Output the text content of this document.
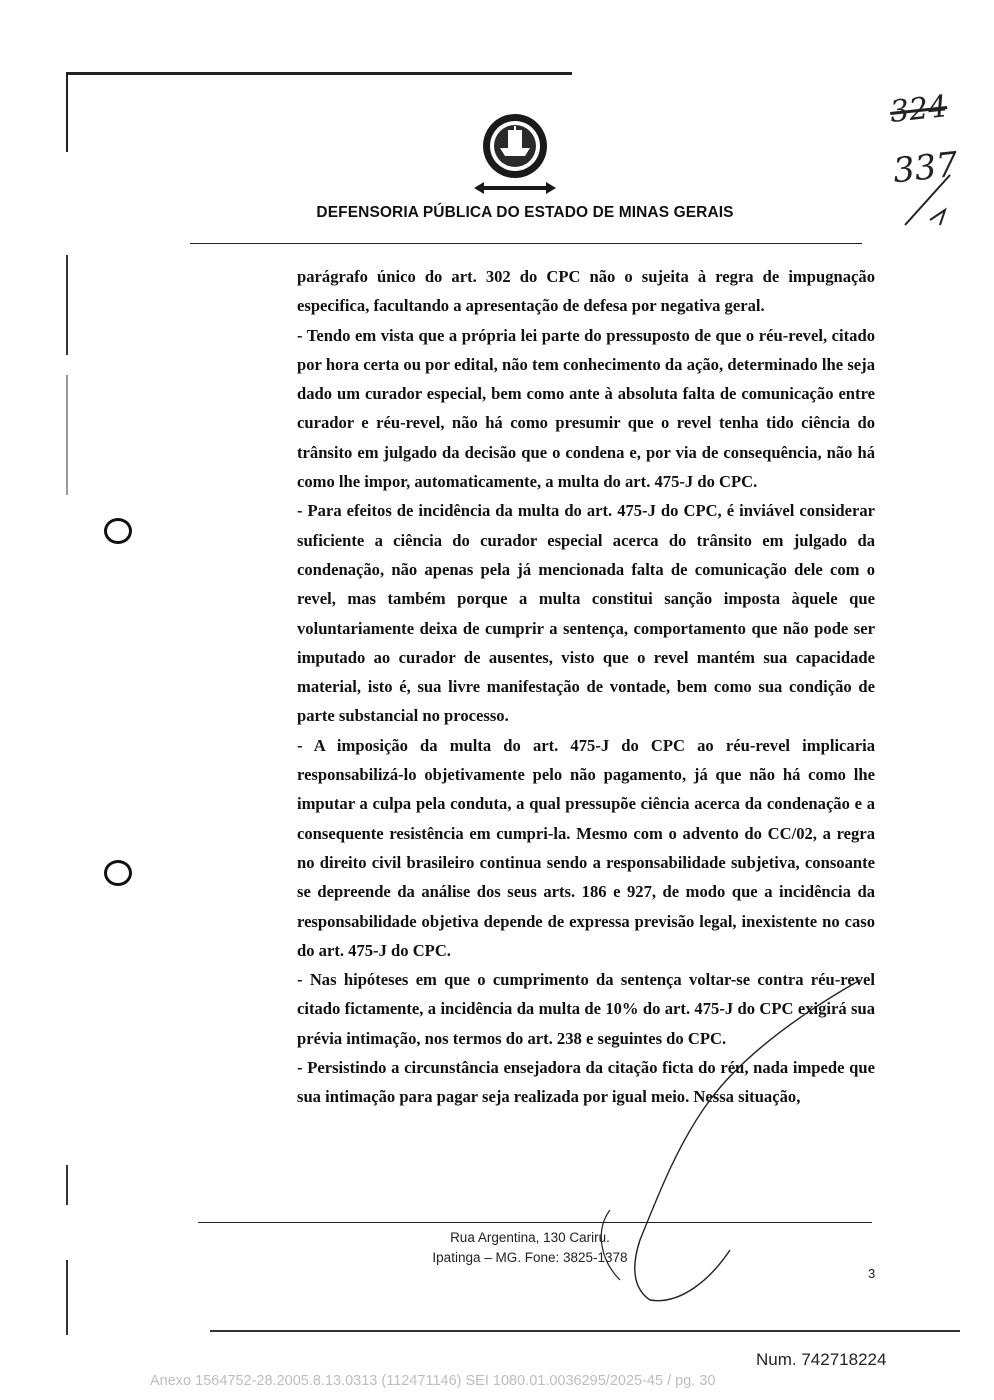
DEFENSORIA PÚBLICA DO ESTADO DE MINAS GERAIS
324
337

parágrafo único do art. 302 do CPC não o sujeita à regra de impugnação especifica, facultando a apresentação de defesa por negativa geral.

- Tendo em vista que a própria lei parte do pressuposto de que o réu-revel, citado por hora certa ou por edital, não tem conhecimento da ação, determinado lhe seja dado um curador especial, bem como ante à absoluta falta de comunicação entre curador e réu-revel, não há como presumir que o revel tenha tido ciência do trânsito em julgado da decisão que o condena e, por via de consequência, não há como lhe impor, automaticamente, a multa do art. 475-J do CPC.

- Para efeitos de incidência da multa do art. 475-J do CPC, é inviável considerar suficiente a ciência do curador especial acerca do trânsito em julgado da condenação, não apenas pela já mencionada falta de comunicação dele com o revel, mas também porque a multa constitui sanção imposta àquele que voluntariamente deixa de cumprir a sentença, comportamento que não pode ser imputado ao curador de ausentes, visto que o revel mantém sua capacidade material, isto é, sua livre manifestação de vontade, bem como sua condição de parte substancial no processo.

- A imposição da multa do art. 475-J do CPC ao réu-revel implicaria responsabilizá-lo objetivamente pelo não pagamento, já que não há como lhe imputar a culpa pela conduta, a qual pressupõe ciência acerca da condenação e a consequente resistência em cumpri-la. Mesmo com o advento do CC/02, a regra no direito civil brasileiro continua sendo a responsabilidade subjetiva, consoante se depreende da análise dos seus arts. 186 e 927, de modo que a incidência da responsabilidade objetiva depende de expressa previsão legal, inexistente no caso do art. 475-J do CPC.

- Nas hipóteses em que o cumprimento da sentença voltar-se contra réu-revel citado fictamente, a incidência da multa de 10% do art. 475-J do CPC exigirá sua prévia intimação, nos termos do art. 238 e seguintes do CPC.

- Persistindo a circunstância ensejadora da citação ficta do réu, nada impede que sua intimação para pagar seja realizada por igual meio. Nessa situação,

Rua Argentina, 130 Cariru.
Ipatinga – MG. Fone: 3825-1378
3
Num. 742718224
Anexo 1564752-28.2005.8.13.0313 (112471146) SEI 1080.01.0036295/2025-45 / pg. 30
